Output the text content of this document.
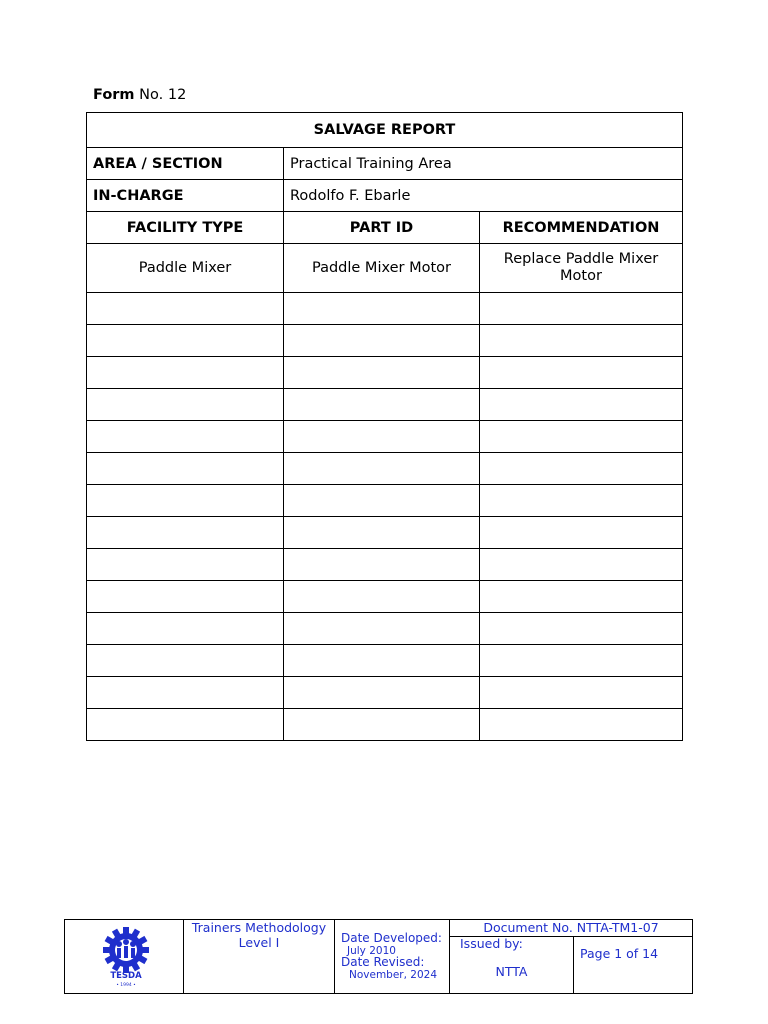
Form No. 12
SALVAGE REPORT		
AREA / SECTION	Practical Training Area	
IN-CHARGE	Rodolfo F. Ebarle	
FACILITY TYPE	PART ID	RECOMMENDATION
Paddle Mixer	Paddle Mixer Motor	Replace Paddle Mixer Motor

TESDA
• 1994 •
Trainers Methodology Level I	Date Developed:
July 2010
Date Revised:
November, 2024
Document No. NTTA-TM1-07
Issued by:
NTTA
Page 1 of 14
